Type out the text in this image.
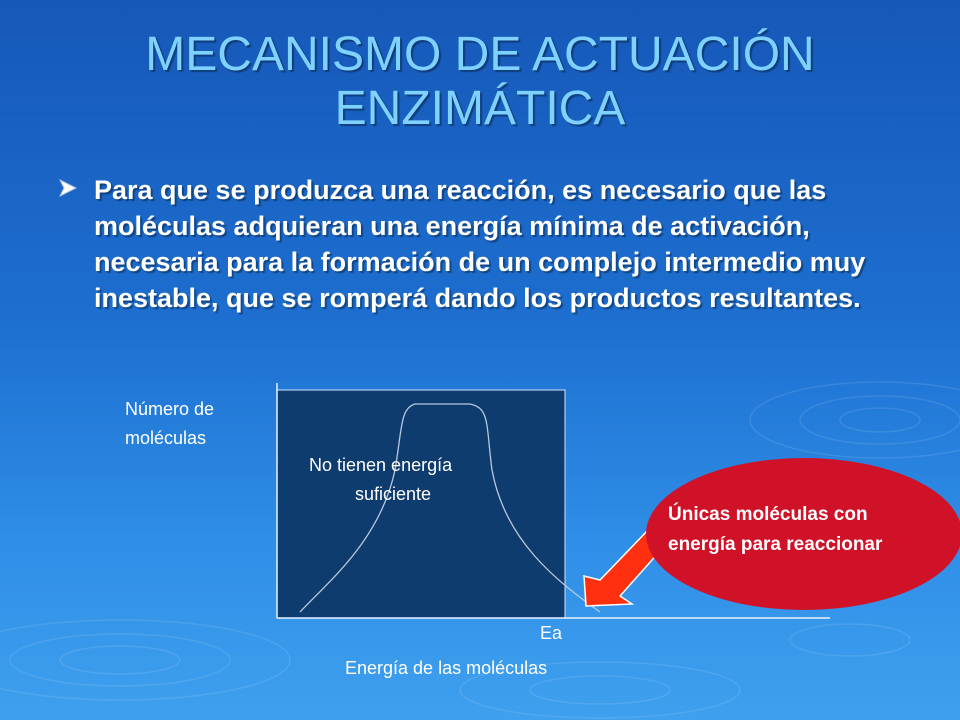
MECANISMO DE ACTUACIÓN ENZIMÁTICA
Para que se produzca una reacción, es necesario que las moléculas adquieran una energía mínima de activación, necesaria para la formación de un complejo intermedio muy inestable, que se romperá dando los productos resultantes.
Número de
moléculas
No tienen energía
suficiente
Ea
Energía de las moléculas
Únicas moléculas con
energía para reaccionar
